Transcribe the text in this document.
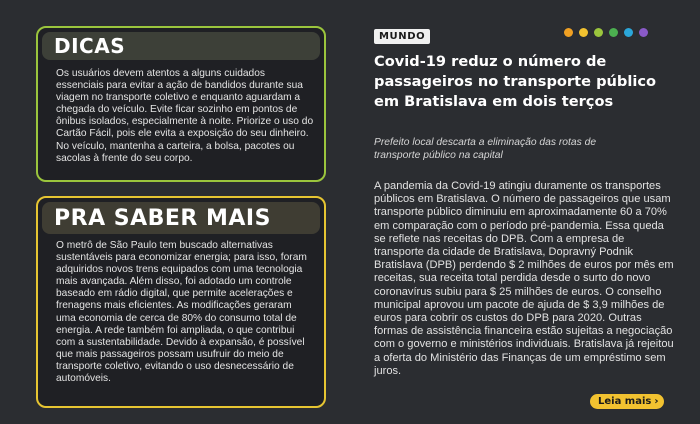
DICAS

Os usuários devem atentos a alguns cuidados essenciais para evitar a ação de bandidos durante sua viagem no transporte coletivo e enquanto aguardam a chegada do veículo. Evite ficar sozinho em pontos de ônibus isolados, especialmente à noite. Priorize o uso do Cartão Fácil, pois ele evita a exposição do seu dinheiro. No veículo, mantenha a carteira, a bolsa, pacotes ou sacolas à frente do seu corpo.

PRA SABER MAIS

O metrô de São Paulo tem buscado alternativas sustentáveis para economizar energia; para isso, foram adquiridos novos trens equipados com uma tecnologia mais avançada. Além disso, foi adotado um controle baseado em rádio digital, que permite acelerações e frenagens mais eficientes. As modificações geraram uma economia de cerca de 80% do consumo total de energia. A rede também foi ampliada, o que contribui com a sustentabilidade. Devido à expansão, é possível que mais passageiros possam usufruir do meio de transporte coletivo, evitando o uso desnecessário de automóveis.

MUNDO
Covid-19 reduz o número de passageiros no transporte público em Bratislava em dois terços

Prefeito local descarta a eliminação das rotas de transporte público na capital

A pandemia da Covid-19 atingiu duramente os transportes públicos em Bratislava. O número de passageiros que usam transporte público diminuiu em aproximadamente 60 a 70% em comparação com o período pré-pandemia. Essa queda se reflete nas receitas do DPB. Com a empresa de transporte da cidade de Bratislava, Dopravný Podnik Bratislava (DPB) perdendo $ 2 milhões de euros por mês em receitas, sua receita total perdida desde o surto do novo coronavírus subiu para $ 25 milhões de euros. O conselho municipal aprovou um pacote de ajuda de $ 3,9 milhões de euros para cobrir os custos do DPB para 2020. Outras formas de assistência financeira estão sujeitas a negociação com o governo e ministérios individuais. Bratislava já rejeitou a oferta do Ministério das Finanças de um empréstimo sem juros.

Leia mais ›
